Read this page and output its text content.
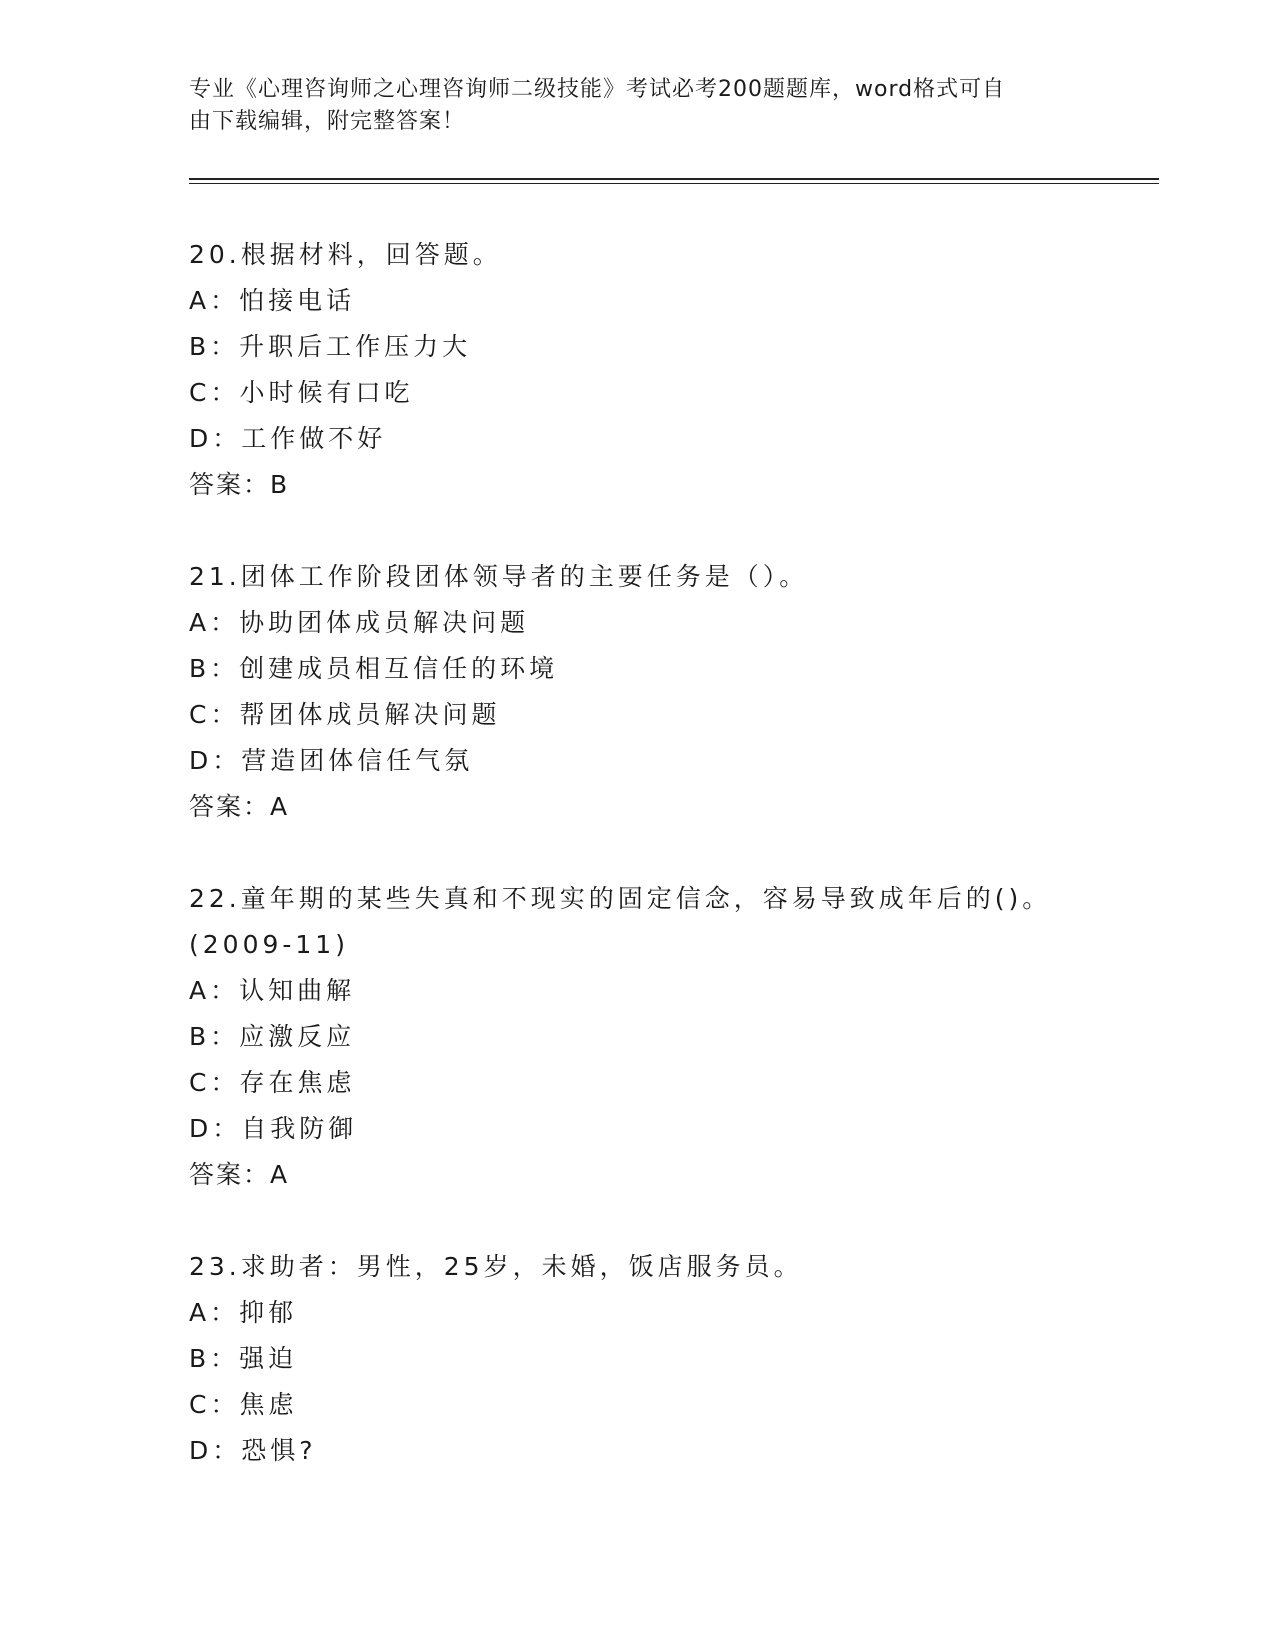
专业《心理咨询师之心理咨询师二级技能》考试必考200题题库，word格式可自
由下载编辑，附完整答案！
20.根据材料，回答题。
A：怕接电话
B：升职后工作压力大
C：小时候有口吃
D：工作做不好
答案：B
21.团体工作阶段团体领导者的主要任务是（）。
A：协助团体成员解决问题
B：创建成员相互信任的环境
C：帮团体成员解决问题
D：营造团体信任气氛
答案：A
22.童年期的某些失真和不现实的固定信念，容易导致成年后的()。
(2009-11)
A：认知曲解
B：应激反应
C：存在焦虑
D：自我防御
答案：A
23.求助者：男性，25岁，未婚，饭店服务员。
A：抑郁
B：强迫
C：焦虑
D：恐惧?
